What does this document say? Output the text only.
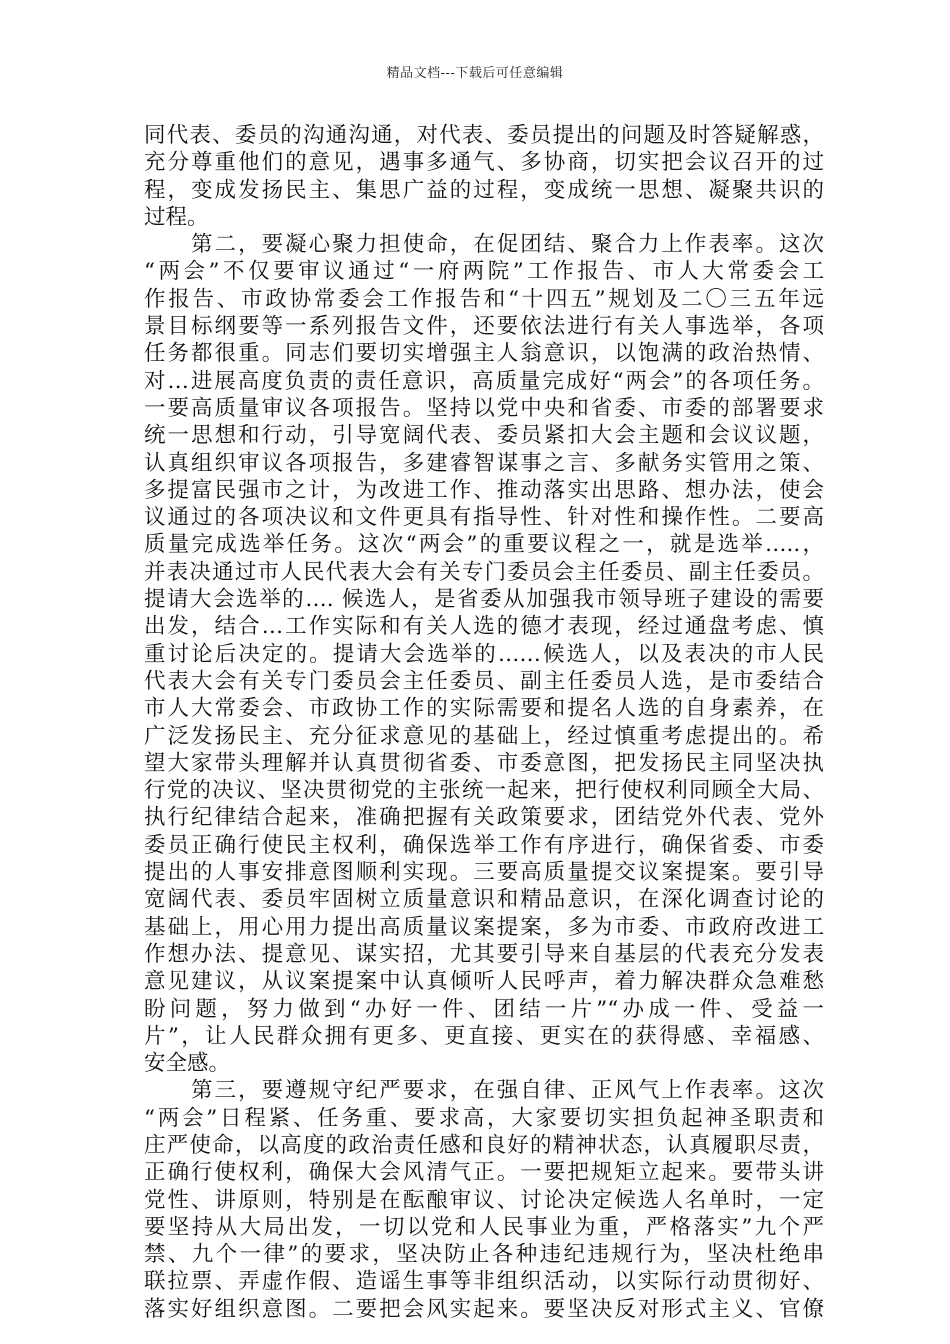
精品文档---下载后可任意编辑
同代表、委员的沟通沟通，对代表、委员提出的问题及时答疑解惑，
充分尊重他们的意见，遇事多通气、多协商，切实把会议召开的过
程，变成发扬民主、集思广益的过程，变成统一思想、凝聚共识的
过程。
　　第二，要凝心聚力担使命，在促团结、聚合力上作表率。这次
“两会”不仅要审议通过“一府两院”工作报告、市人大常委会工
作报告、市政协常委会工作报告和“十四五”规划及二〇三五年远
景目标纲要等一系列报告文件，还要依法进行有关人事选举，各项
任务都很重。同志们要切实增强主人翁意识，以饱满的政治热情、
对…进展高度负责的责任意识，高质量完成好“两会”的各项任务。
一要高质量审议各项报告。坚持以党中央和省委、市委的部署要求
统一思想和行动，引导宽阔代表、委员紧扣大会主题和会议议题，
认真组织审议各项报告，多建睿智谋事之言、多献务实管用之策、
多提富民强市之计，为改进工作、推动落实出思路、想办法，使会
议通过的各项决议和文件更具有指导性、针对性和操作性。二要高
质量完成选举任务。这次“两会”的重要议程之一，就是选举…..，
并表决通过市人民代表大会有关专门委员会主任委员、副主任委员。
提请大会选举的…. 候选人，是省委从加强我市领导班子建设的需要
出发，结合…工作实际和有关人选的德才表现，经过通盘考虑、慎
重讨论后决定的。提请大会选举的……候选人，以及表决的市人民
代表大会有关专门委员会主任委员、副主任委员人选，是市委结合
市人大常委会、市政协工作的实际需要和提名人选的自身素养，在
广泛发扬民主、充分征求意见的基础上，经过慎重考虑提出的。希
望大家带头理解并认真贯彻省委、市委意图，把发扬民主同坚决执
行党的决议、坚决贯彻党的主张统一起来，把行使权利同顾全大局、
执行纪律结合起来，准确把握有关政策要求，团结党外代表、党外
委员正确行使民主权利，确保选举工作有序进行，确保省委、市委
提出的人事安排意图顺利实现。三要高质量提交议案提案。要引导
宽阔代表、委员牢固树立质量意识和精品意识，在深化调查讨论的
基础上，用心用力提出高质量议案提案，多为市委、市政府改进工
作想办法、提意见、谋实招，尤其要引导来自基层的代表充分发表
意见建议，从议案提案中认真倾听人民呼声，着力解决群众急难愁
盼问题，努力做到“办好一件、团结一片”“办成一件、受益一
片”，让人民群众拥有更多、更直接、更实在的获得感、幸福感、
安全感。
　　第三，要遵规守纪严要求，在强自律、正风气上作表率。这次
“两会”日程紧、任务重、要求高，大家要切实担负起神圣职责和
庄严使命，以高度的政治责任感和良好的精神状态，认真履职尽责，
正确行使权利，确保大会风清气正。一要把规矩立起来。要带头讲
党性、讲原则，特别是在酝酿审议、讨论决定候选人名单时，一定
要坚持从大局出发，一切以党和人民事业为重，严格落实”九个严
禁、九个一律”的要求，坚决防止各种违纪违规行为，坚决杜绝串
联拉票、弄虚作假、造谣生事等非组织活动，以实际行动贯彻好、
落实好组织意图。二要把会风实起来。要坚决反对形式主义、官僚
